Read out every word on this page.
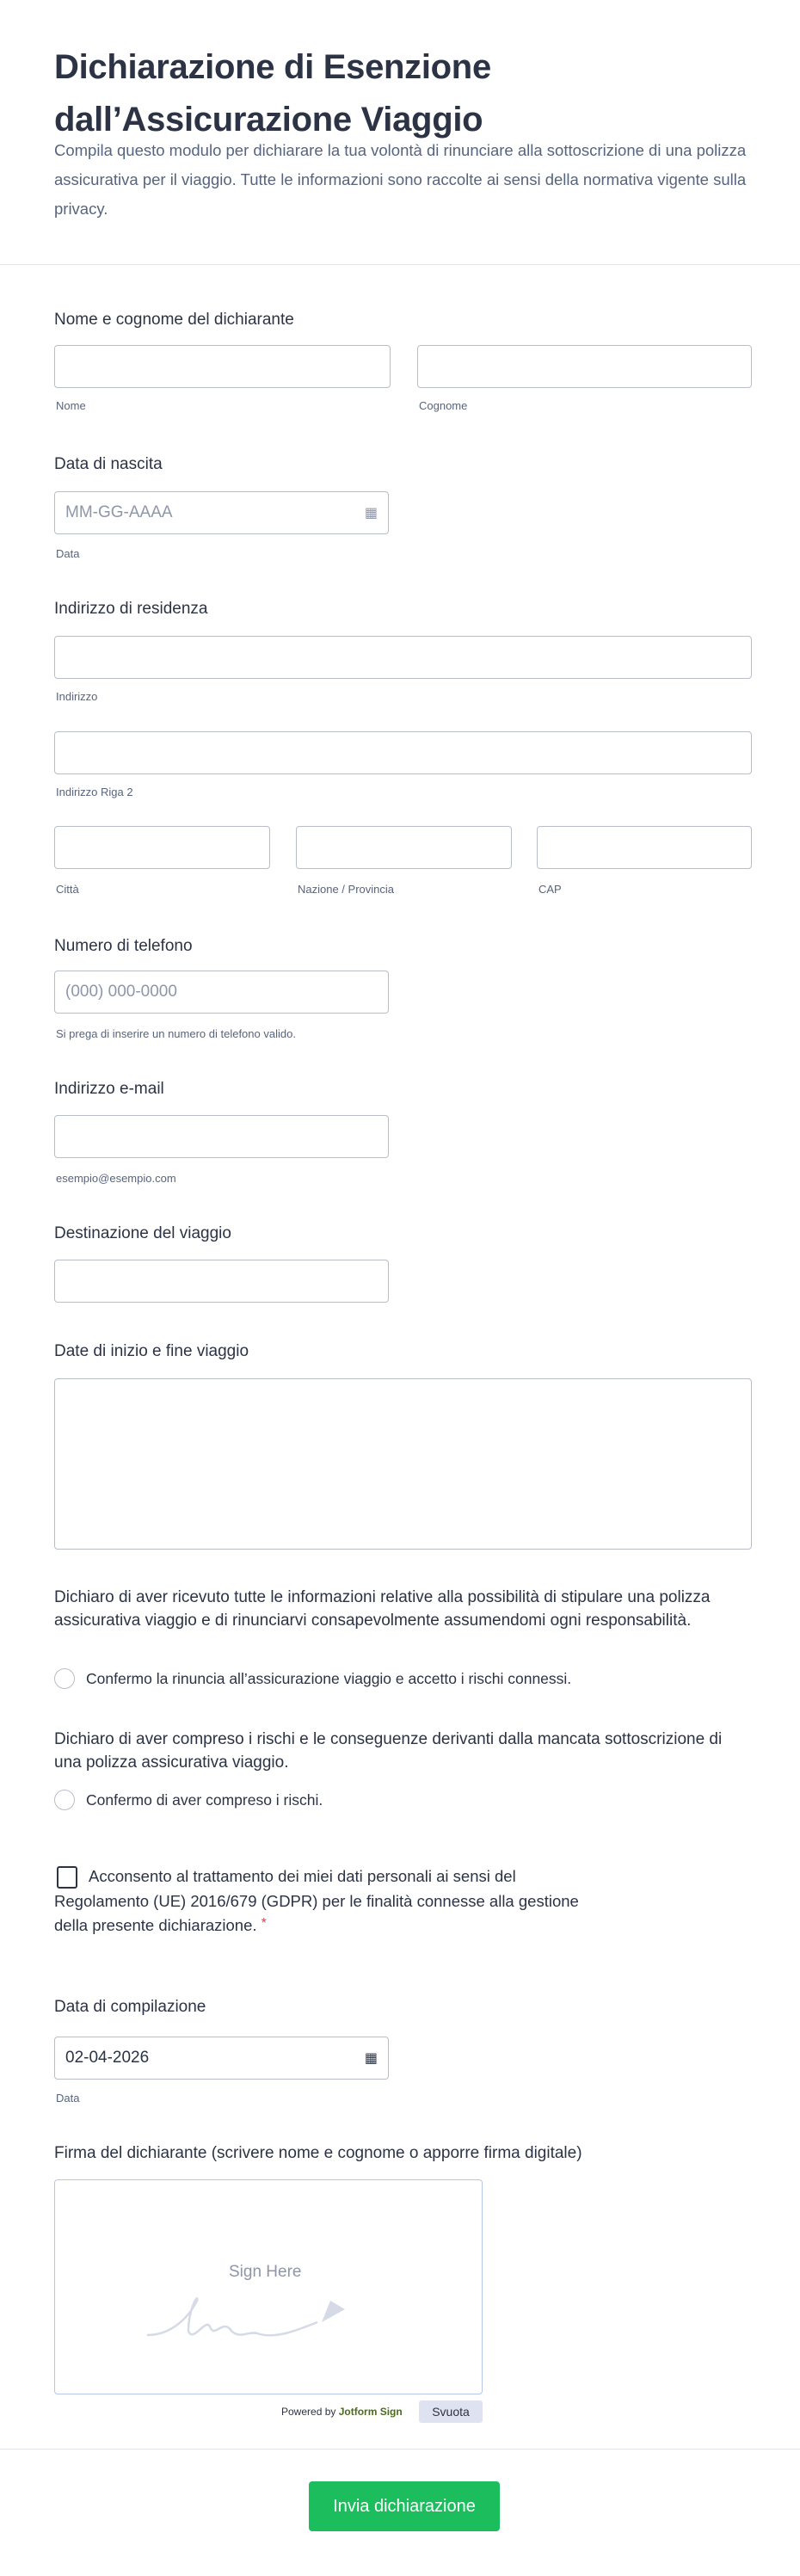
Dichiarazione di Esenzione dall’Assicurazione Viaggio
Compila questo modulo per dichiarare la tua volontà di rinunciare alla sottoscrizione di una polizza assicurativa per il viaggio. Tutte le informazioni sono raccolte ai sensi della normativa vigente sulla privacy.
Nome e cognome del dichiarante
Nome	Cognome
Data di nascita
MM-GG-AAAA	▦
Data
Indirizzo di residenza
Indirizzo
Indirizzo Riga 2
Città	Nazione / Provincia	CAP
Numero di telefono
(000) 000-0000
Si prega di inserire un numero di telefono valido.
Indirizzo e-mail
esempio@esempio.com
Destinazione del viaggio
Date di inizio e fine viaggio
Dichiaro di aver ricevuto tutte le informazioni relative alla possibilità di stipulare una polizza assicurativa viaggio e di rinunciarvi consapevolmente assumendomi ogni responsabilità.
Confermo la rinuncia all’assicurazione viaggio e accetto i rischi connessi.
Dichiaro di aver compreso i rischi e le conseguenze derivanti dalla mancata sottoscrizione di una polizza assicurativa viaggio.
Confermo di aver compreso i rischi.
Acconsento al trattamento dei miei dati personali ai sensi del
Regolamento (UE) 2016/679 (GDPR) per le finalità connesse alla gestione
della presente dichiarazione. *
Data di compilazione
02-04-2026	▦
Data
Firma del dichiarante (scrivere nome e cognome o apporre firma digitale)
Sign Here
Powered by Jotform Sign	Svuota
Invia dichiarazione
